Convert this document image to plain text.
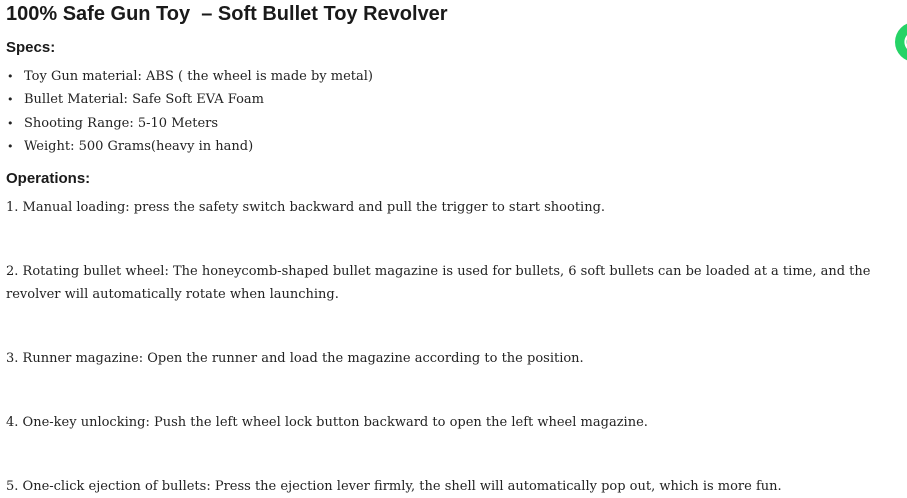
100% Safe Gun Toy  – Soft Bullet Toy Revolver
Specs:
• Toy Gun material: ABS ( the wheel is made by metal)
• Bullet Material: Safe Soft EVA Foam
• Shooting Range: 5-10 Meters
• Weight: 500 Grams(heavy in hand)
Operations:

1. Manual loading: press the safety switch backward and pull the trigger to start shooting.

2. Rotating bullet wheel: The honeycomb-shaped bullet magazine is used for bullets, 6 soft bullets can be loaded at a time, and the revolver will automatically rotate when launching.

3. Runner magazine: Open the runner and load the magazine according to the position.

4. One-key unlocking: Push the left wheel lock button backward to open the left wheel magazine.

5. One-click ejection of bullets: Press the ejection lever firmly, the shell will automatically pop out, which is more fun.
